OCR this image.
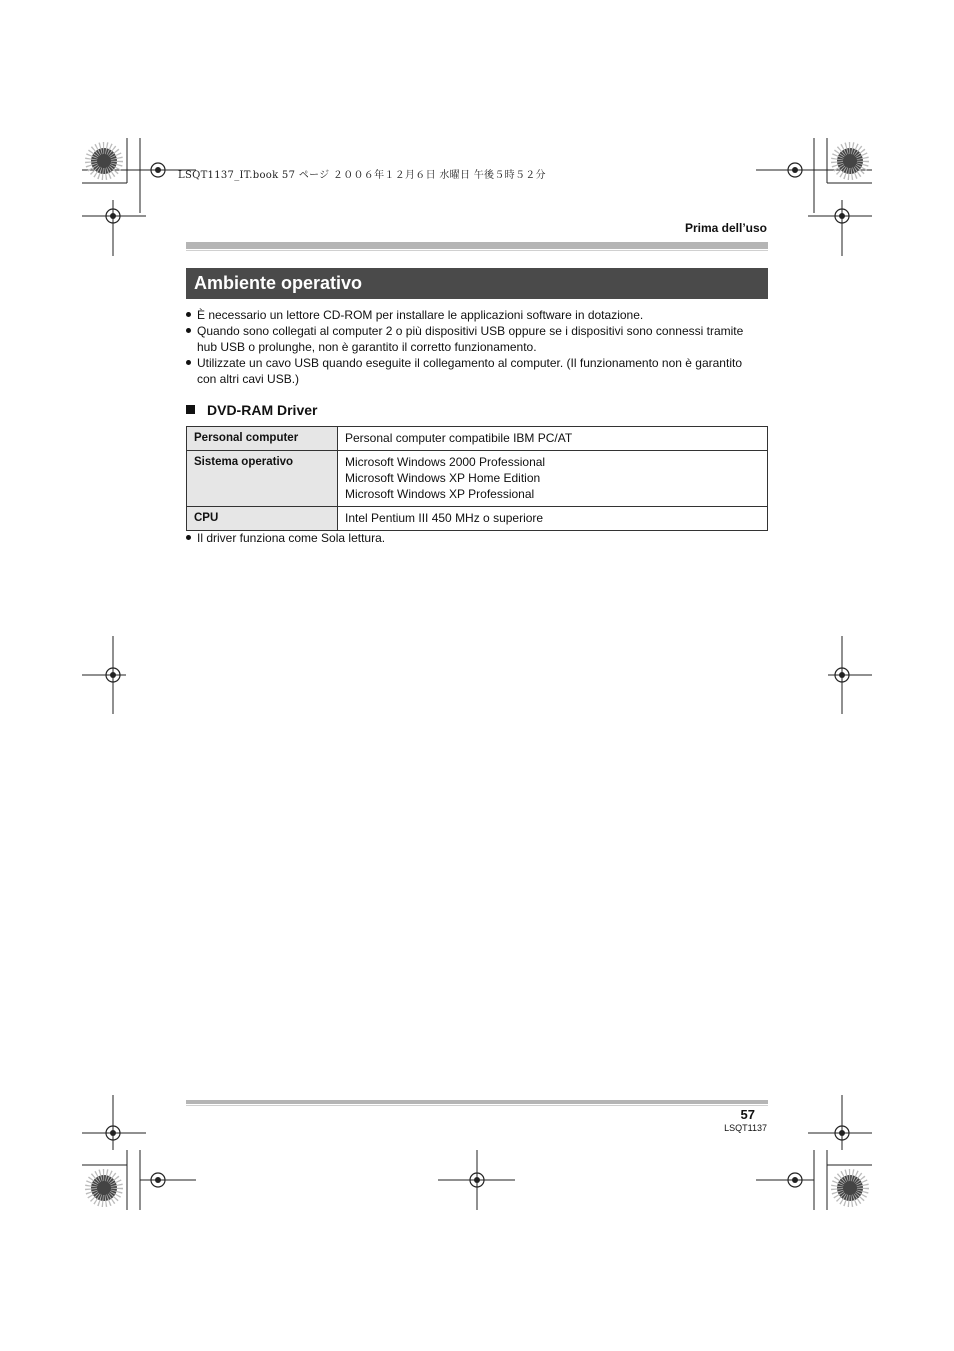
LSQT1137_IT.book 57 ページ ２００６年１２月６日 水曜日 午後５時５２分
Prima dell’uso
Ambiente operativo

È necessario un lettore CD-ROM per installare le applicazioni software in dotazione.

Quando sono collegati al computer 2 o più dispositivi USB oppure se i dispositivi sono connessi tramite hub USB o prolunghe, non è garantito il corretto funzionamento.

Utilizzate un cavo USB quando eseguite il collegamento al computer. (Il funzionamento non è garantito con altri cavi USB.)

DVD-RAM Driver
Personal computer	Personal computer compatibile IBM PC/AT
Sistema operativo	Microsoft Windows 2000 Professional
Microsoft Windows XP Home Edition
Microsoft Windows XP Professional

CPU	Intel Pentium III 450 MHz o superiore

Il driver funziona come Sola lettura.

57
LSQT1137
